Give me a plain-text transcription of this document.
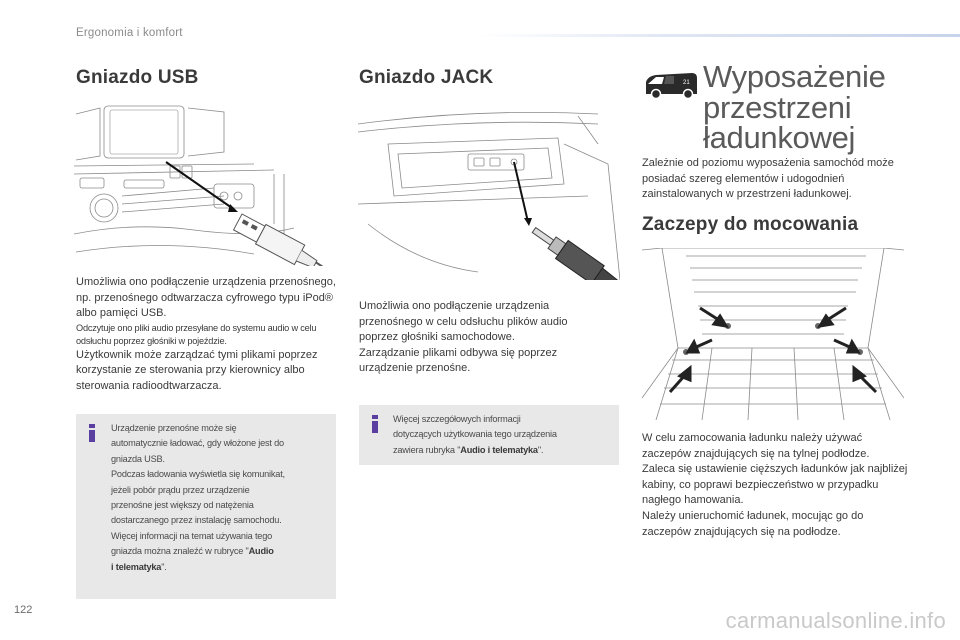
Ergonomia i komfort
Gniazdo USB
Umożliwia ono podłączenie urządzenia przenośnego, np. przenośnego odtwarzacza cyfrowego typu iPod® albo pamięci USB.
Odczytuje ono pliki audio przesyłane do systemu audio w celu odsłuchu poprzez głośniki w pojeździe.
Użytkownik może zarządzać tymi plikami poprzez korzystanie ze sterowania przy kierownicy albo sterowania radioodtwarzacza.
Urządzenie przenośne może się
automatycznie ładować, gdy włożone jest do
gniazda USB.
Podczas ładowania wyświetla się komunikat,
jeżeli pobór prądu przez urządzenie
przenośne jest większy od natężenia
dostarczanego przez instalację samochodu.
Więcej informacji na temat używania tego
gniazda można znaleźć w rubryce "Audio
i telematyka".
Gniazdo JACK
Umożliwia ono podłączenie urządzenia przenośnego w celu odsłuchu plików audio poprzez głośniki samochodowe.
Zarządzanie plikami odbywa się poprzez urządzenie przenośne.
Więcej szczegółowych informacji
dotyczących użytkowania tego urządzenia
zawiera rubryka "Audio i telematyka".
21 Wyposażenie
przestrzeni
ładunkowej
Zależnie od poziomu wyposażenia samochód może posiadać szereg elementów i udogodnień zainstalowanych w przestrzeni ładunkowej.
Zaczepy do mocowania
W celu zamocowania ładunku należy używać zaczepów znajdujących się na tylnej podłodze.
Zaleca się ustawienie cięższych ładunków jak najbliżej kabiny, co poprawi bezpieczeństwo w przypadku nagłego hamowania.
Należy unieruchomić ładunek, mocując go do zaczepów znajdujących się na podłodze.
122	carmanualsonline.info
